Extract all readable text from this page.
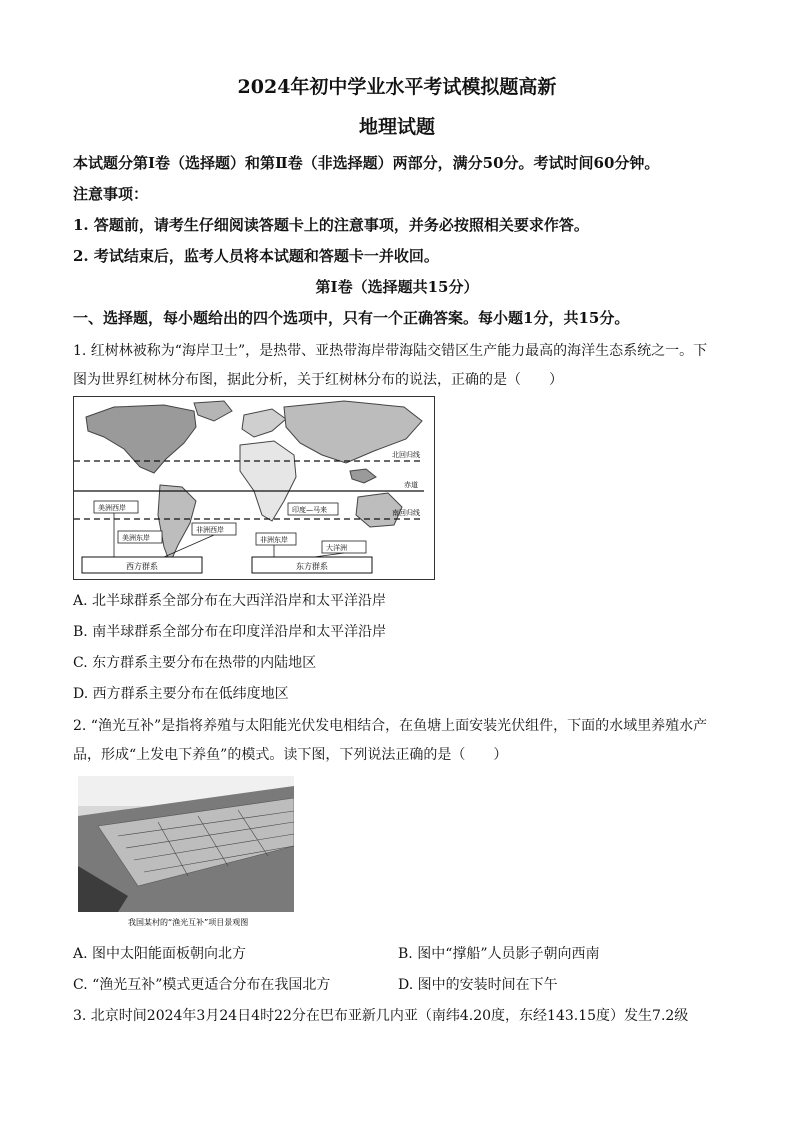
2024年初中学业水平考试模拟题高新
地理试题
本试题分第Ⅰ卷（选择题）和第Ⅱ卷（非选择题）两部分，满分50分。考试时间60分钟。
注意事项：
1. 答题前，请考生仔细阅读答题卡上的注意事项，并务必按照相关要求作答。
2. 考试结束后，监考人员将本试题和答题卡一并收回。
第Ⅰ卷（选择题共15分）
一、选择题，每小题给出的四个选项中，只有一个正确答案。每小题1分，共15分。
1. 红树林被称为“海岸卫士”，是热带、亚热带海岸带海陆交错区生产能力最高的海洋生态系统之一。下
图为世界红树林分布图，据此分析，关于红树林分布的说法，正确的是（　　）
北回归线
赤道
南回归线
美洲西岸
美洲东岸
非洲西岸
非洲东岸
印度—马来
大洋洲
西方群系	东方群系
A. 北半球群系全部分布在大西洋沿岸和太平洋沿岸
B. 南半球群系全部分布在印度洋沿岸和太平洋沿岸
C. 东方群系主要分布在热带的内陆地区
D. 西方群系主要分布在低纬度地区
2. “渔光互补”是指将养殖与太阳能光伏发电相结合，在鱼塘上面安装光伏组件，下面的水域里养殖水产
品，形成“上发电下养鱼”的模式。读下图，下列说法正确的是（　　）
我国某村的“渔光互补”项目景观图
A. 图中太阳能面板朝向北方	B. 图中“撑船”人员影子朝向西南
C. “渔光互补”模式更适合分布在我国北方	D. 图中的安装时间在下午
3. 北京时间2024年3月24日4时22分在巴布亚新几内亚（南纬4.20度，东经143.15度）发生7.2级
